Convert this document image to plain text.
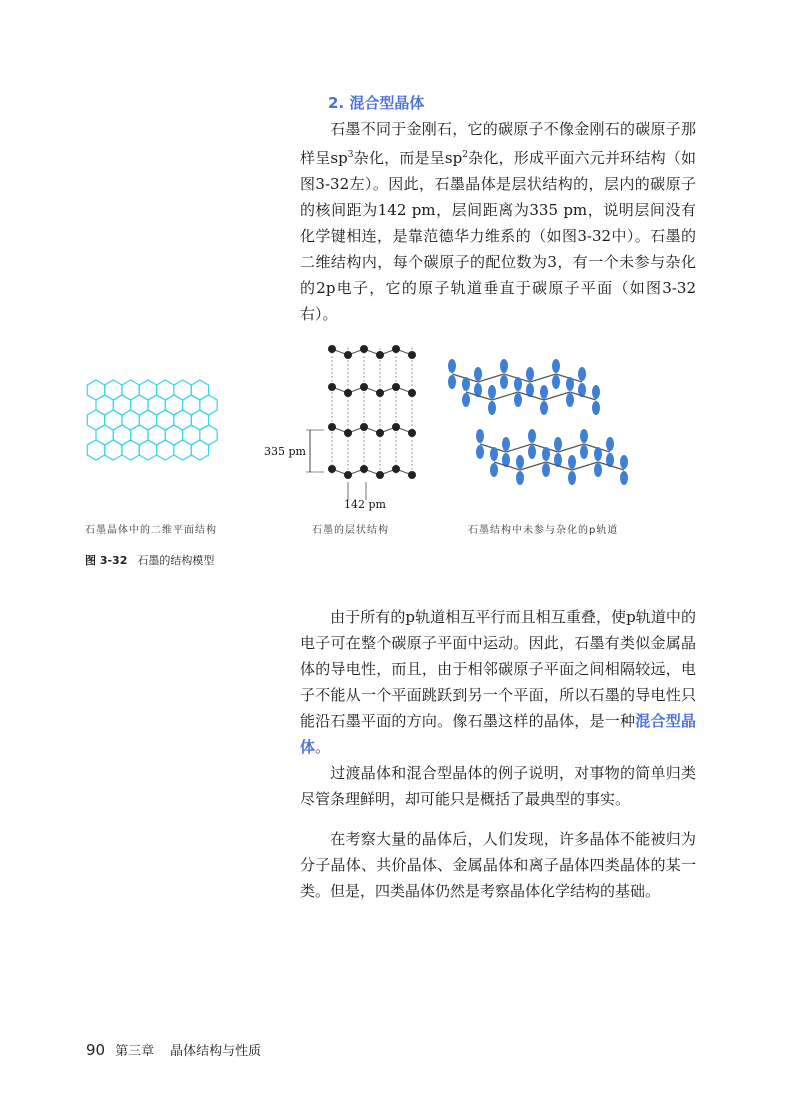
2. 混合型晶体

石墨不同于金刚石，它的碳原子不像金刚石的碳原子那样呈$sp^3$杂化，而是呈$sp^2$杂化，形成平面六元并环结构（如图3-32左）。因此，石墨晶体是层状结构的，层内的碳原子的核间距为142 pm，层间距离为335 pm，说明层间没有化学键相连，是靠范德华力维系的（如图3-32中）。石墨的二维结构内，每个碳原子的配位数为3，有一个未参与杂化的2p电子，它的原子轨道垂直于碳原子平面（如图3-32右）。

335 pm
142 pm
石墨晶体中的二维平面结构	石墨的层状结构	石墨结构中未参与杂化的p轨道
图 3-32 石墨的结构模型

由于所有的p轨道相互平行而且相互重叠，使p轨道中的电子可在整个碳原子平面中运动。因此，石墨有类似金属晶体的导电性，而且，由于相邻碳原子平面之间相隔较远，电子不能从一个平面跳跃到另一个平面，所以石墨的导电性只能沿石墨平面的方向。像石墨这样的晶体，是一种混合型晶体。

过渡晶体和混合型晶体的例子说明，对事物的简单归类尽管条理鲜明，却可能只是概括了最典型的事实。

在考察大量的晶体后，人们发现，许多晶体不能被归为分子晶体、共价晶体、金属晶体和离子晶体四类晶体的某一类。但是，四类晶体仍然是考察晶体化学结构的基础。

90 第三章 晶体结构与性质
